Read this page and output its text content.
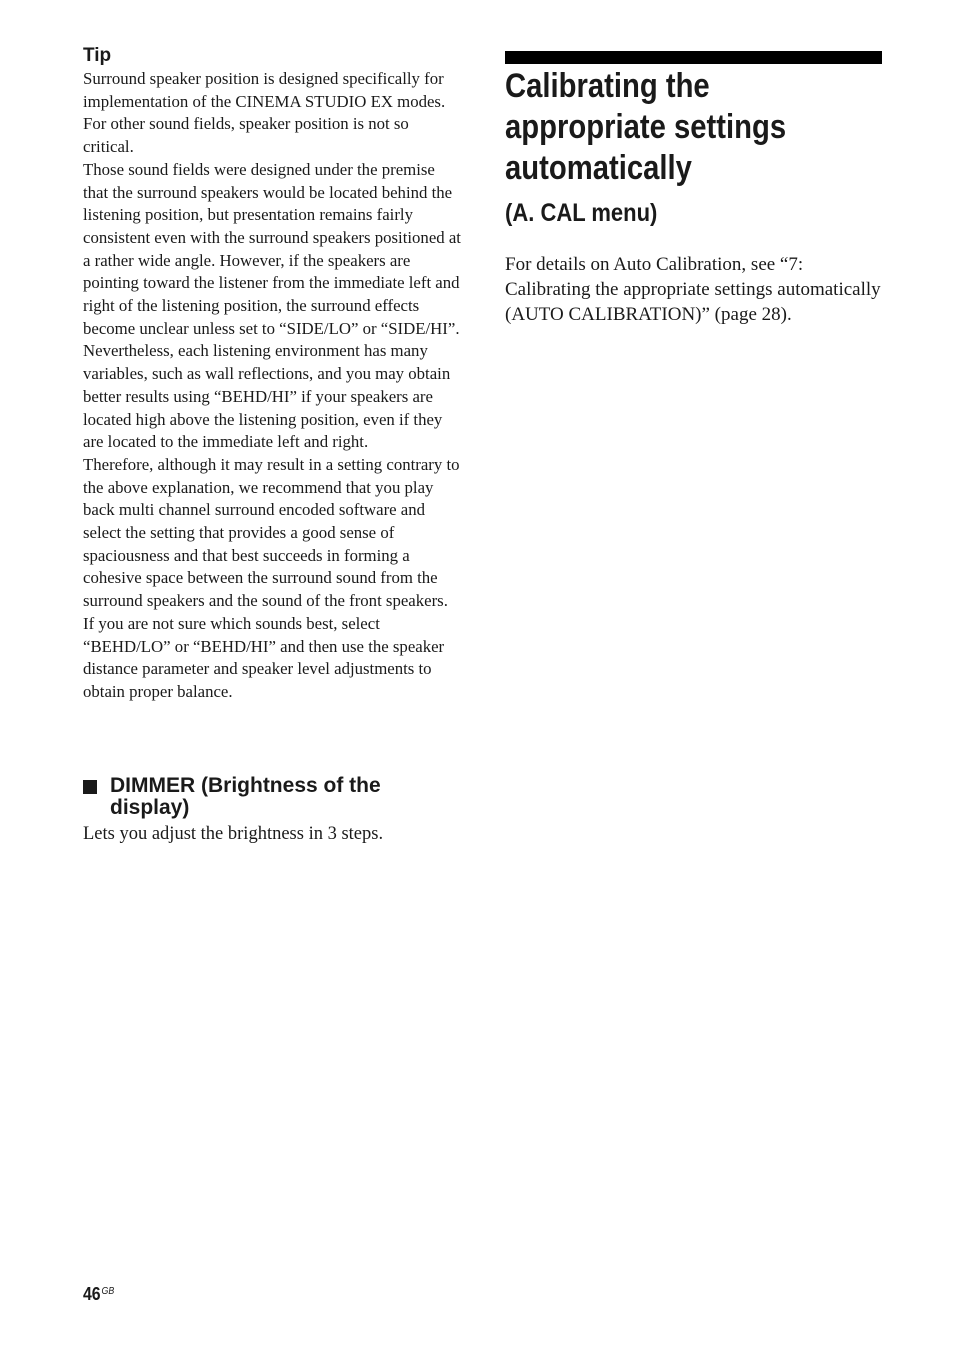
Tip

Surround speaker position is designed specifically for implementation of the CINEMA STUDIO EX modes. For other sound fields, speaker position is not so critical.

Those sound fields were designed under the premise that the surround speakers would be located behind the listening position, but presentation remains fairly consistent even with the surround speakers positioned at a rather wide angle. However, if the speakers are pointing toward the listener from the immediate left and right of the listening position, the surround effects become unclear unless set to “SIDE/LO” or “SIDE/HI”.

Nevertheless, each listening environment has many variables, such as wall reflections, and you may obtain better results using “BEHD/HI” if your speakers are located high above the listening position, even if they are located to the immediate left and right.

Therefore, although it may result in a setting contrary to the above explanation, we recommend that you play back multi channel surround encoded software and select the setting that provides a good sense of spaciousness and that best succeeds in forming a cohesive space between the surround sound from the surround speakers and the sound of the front speakers. If you are not sure which sounds best, select “BEHD/LO” or “BEHD/HI” and then use the speaker distance parameter and speaker level adjustments to obtain proper balance.

DIMMER (Brightness of the display)

Lets you adjust the brightness in 3 steps.

Calibrating the
appropriate settings
automatically
(A. CAL menu)

For details on Auto Calibration, see “7: Calibrating the appropriate settings automatically (AUTO CALIBRATION)” (page 28).

$46^{GB}$
